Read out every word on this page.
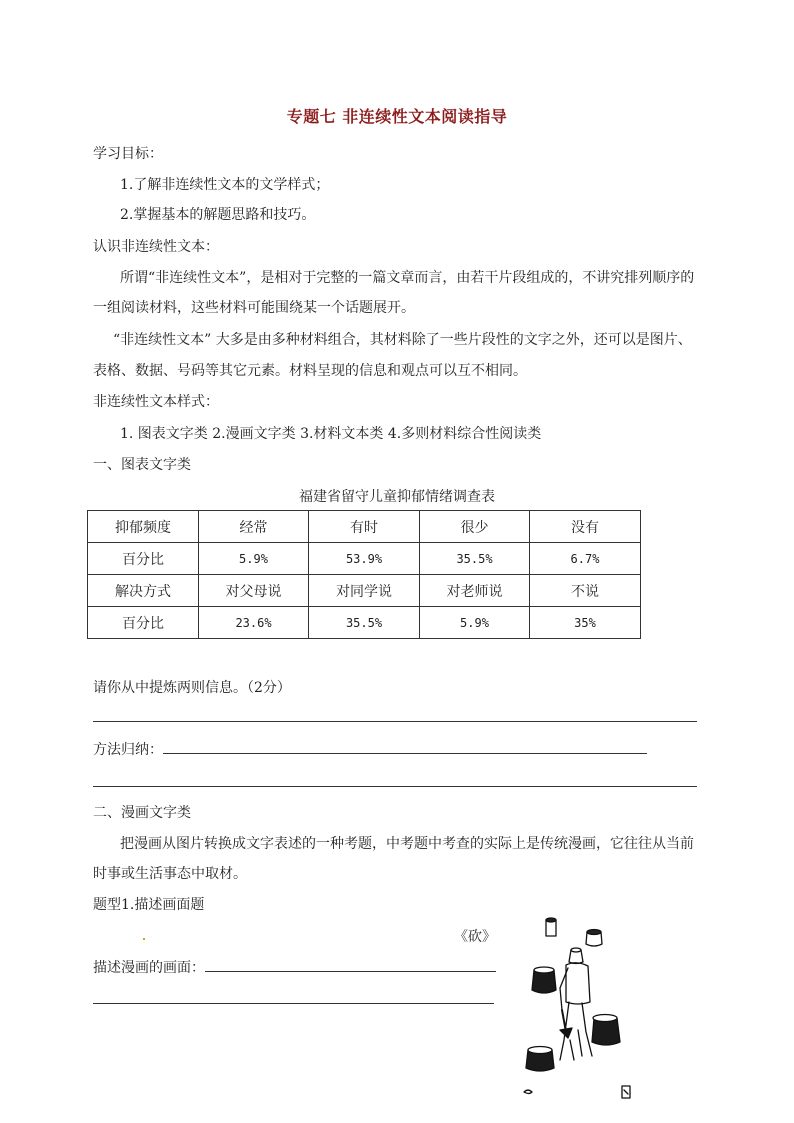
专题七 非连续性文本阅读指导
学习目标：
1.了解非连续性文本的文学样式；
2.掌握基本的解题思路和技巧。
认识非连续性文本：
所谓“非连续性文本”，是相对于完整的一篇文章而言，由若干片段组成的，不讲究排列顺序的
一组阅读材料，这些材料可能围绕某一个话题展开。
“非连续性文本” 大多是由多种材料组合，其材料除了一些片段性的文字之外，还可以是图片、
表格、数据、号码等其它元素。材料呈现的信息和观点可以互不相同。
非连续性文本样式：
1. 图表文字类 2.漫画文字类 3.材料文本类 4.多则材料综合性阅读类
一、图表文字类
福建省留守儿童抑郁情绪调查表
抑郁频度	经常	有时	很少	没有
百分比	5.9%	53.9%	35.5%	6.7%
解决方式	对父母说	对同学说	对老师说	不说
百分比	23.6%	35.5%	5.9%	35%
请你从中提炼两则信息。（2分）
方法归纳：
二、漫画文字类
把漫画从图片转换成文字表述的一种考题，中考题中考查的实际上是传统漫画，它往往从当前
时事或生活事态中取材。
题型1.描述画面题
《砍》
描述漫画的画面：
